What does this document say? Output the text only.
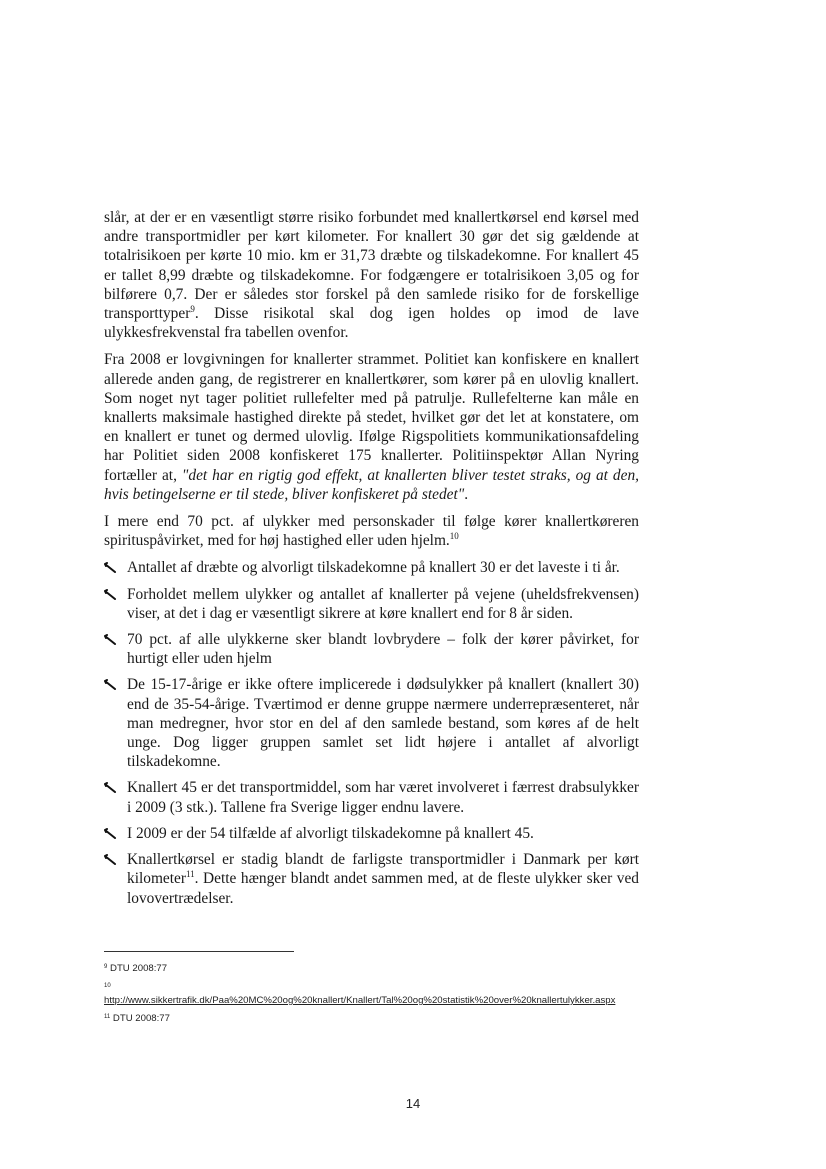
slår, at der er en væsentligt større risiko forbundet med knallertkørsel end kørsel med andre transportmidler per kørt kilometer. For knallert 30 gør det sig gældende at totalrisikoen per kørte 10 mio. km er 31,73 dræbte og tilskadekomne. For knallert 45 er tallet 8,99 dræbte og tilskadekomne. For fodgængere er totalrisikoen 3,05 og for bilførere 0,7. Der er således stor forskel på den samlede risiko for de forskellige transporttyper$^9$. Disse risikotal skal dog igen holdes op imod de lave ulykkesfrekvenstal fra tabellen ovenfor.

Fra 2008 er lovgivningen for knallerter strammet. Politiet kan konfiskere en knallert allerede anden gang, de registrerer en knallertkører, som kører på en ulovlig knallert. Som noget nyt tager politiet rullefelter med på patrulje. Rullefelterne kan måle en knallerts maksimale hastighed direkte på stedet, hvilket gør det let at konstatere, om en knallert er tunet og dermed ulovlig. Ifølge Rigspolitiets kommunikationsafdeling har Politiet siden 2008 konfiskeret 175 knallerter. Politiinspektør Allan Nyring fortæller at, "det har en rigtig god effekt, at knallerten bliver testet straks, og at den, hvis betingelserne er til stede, bliver konfiskeret på stedet".

I mere end 70 pct. af ulykker med personskader til følge kører knallertkøreren spirituspåvirket, med for høj hastighed eller uden hjelm.$^{10}$

Antallet af dræbte og alvorligt tilskadekomne på knallert 30 er det laveste i ti år.
Forholdet mellem ulykker og antallet af knallerter på vejene (uheldsfrekvensen) viser, at det i dag er væsentligt sikrere at køre knallert end for 8 år siden.
70 pct. af alle ulykkerne sker blandt lovbrydere – folk der kører påvirket, for hurtigt eller uden hjelm
De 15-17-årige er ikke oftere implicerede i dødsulykker på knallert (knallert 30) end de 35-54-årige. Tværtimod er denne gruppe nærmere underrepræsenteret, når man medregner, hvor stor en del af den samlede bestand, som køres af de helt unge. Dog ligger gruppen samlet set lidt højere i antallet af alvorligt tilskadekomne.
Knallert 45 er det transportmiddel, som har været involveret i færrest drabsulykker i 2009 (3 stk.). Tallene fra Sverige ligger endnu lavere.
I 2009 er der 54 tilfælde af alvorligt tilskadekomne på knallert 45.
Knallertkørsel er stadig blandt de farligste transportmidler i Danmark per kørt kilometer$^{11}$. Dette hænger blandt andet sammen med, at de fleste ulykker sker ved lovovertrædelser.
$^9$ DTU 2008:77
10
http://www.sikkertrafik.dk/Paa%20MC%20og%20knallert/Knallert/Tal%20og%20statistik%20over%20knallertulykker.aspx
$^{11}$ DTU 2008:77
14
